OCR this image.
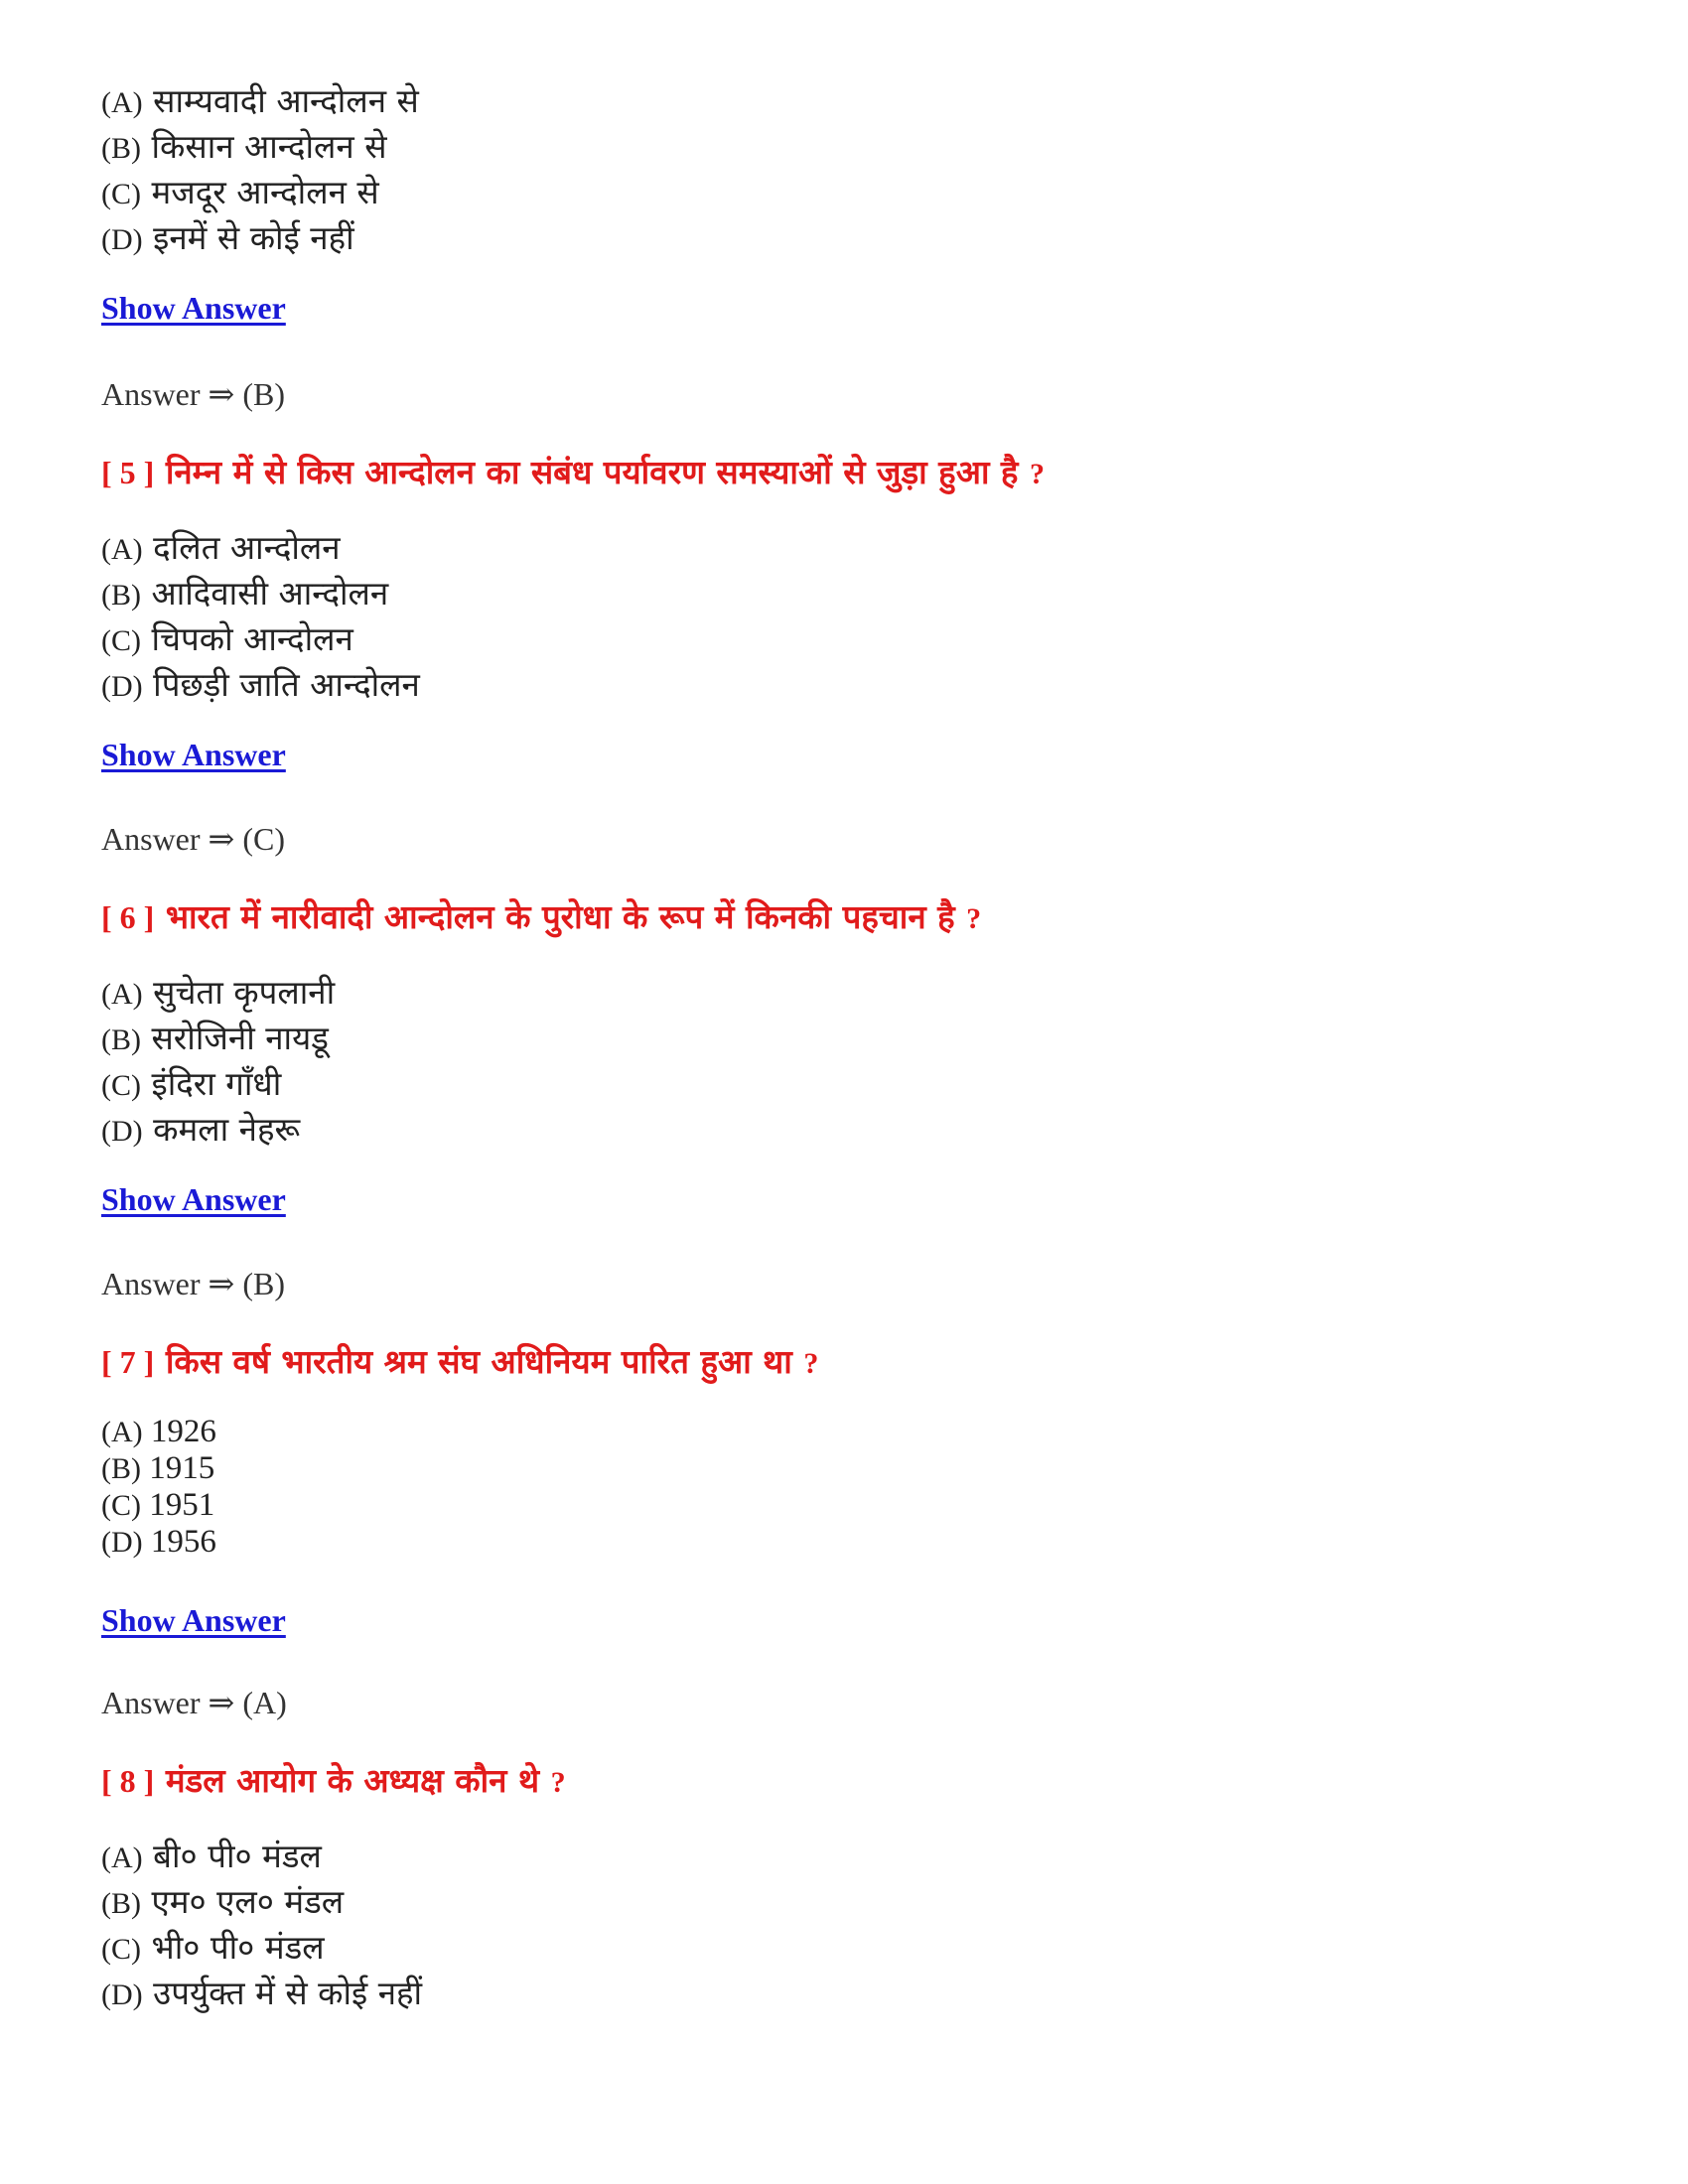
(A) साम्यवादी आन्दोलन से
(B) किसान आन्दोलन से
(C) मजदूर आन्दोलन से
(D) इनमें से कोई नहीं
Show Answer
Answer ⇒ (B)
[ 5 ] निम्न में से किस आन्दोलन का संबंध पर्यावरण समस्याओं से जुड़ा हुआ है ?
(A) दलित आन्दोलन
(B) आदिवासी आन्दोलन
(C) चिपको आन्दोलन
(D) पिछड़ी जाति आन्दोलन
Show Answer
Answer ⇒ (C)
[ 6 ] भारत में नारीवादी आन्दोलन के पुरोधा के रूप में किनकी पहचान है ?
(A) सुचेता कृपलानी
(B) सरोजिनी नायडू
(C) इंदिरा गाँधी
(D) कमला नेहरू
Show Answer
Answer ⇒ (B)
[ 7 ] किस वर्ष भारतीय श्रम संघ अधिनियम पारित हुआ था ?
(A) 1926
(B) 1915
(C) 1951
(D) 1956
Show Answer
Answer ⇒ (A)
[ 8 ] मंडल आयोग के अध्यक्ष कौन थे ?
(A) बी० पी० मंडल
(B) एम० एल० मंडल
(C) भी० पी० मंडल
(D) उपर्युक्त में से कोई नहीं
